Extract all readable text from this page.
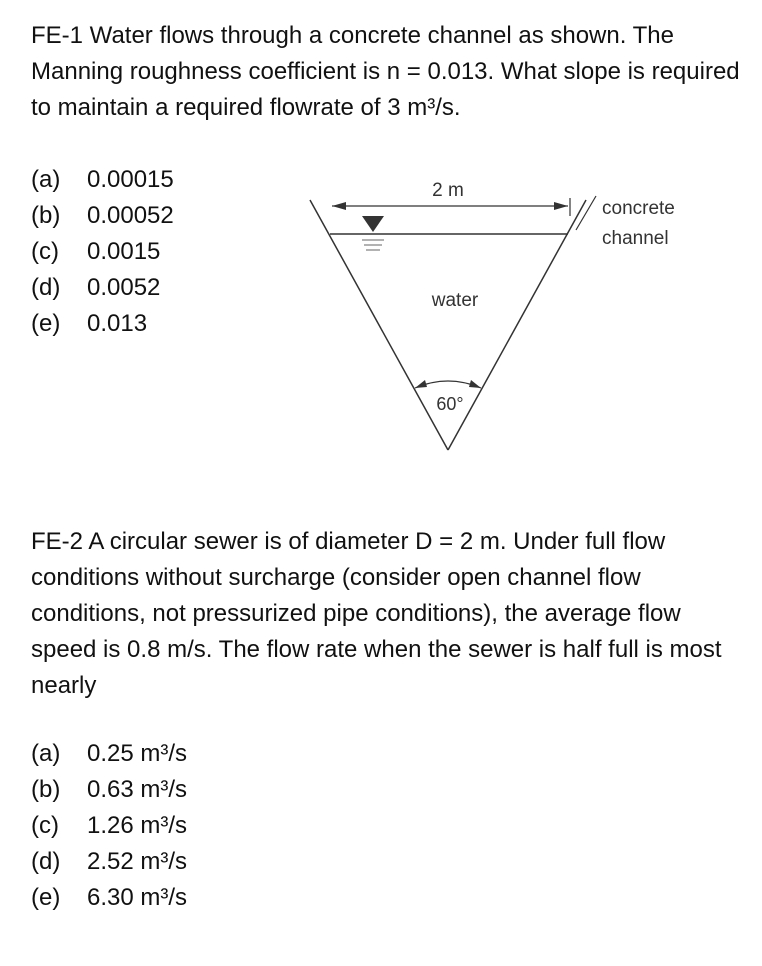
FE-1 Water flows through a concrete channel as shown. The Manning roughness coefficient is n = 0.013. What slope is required to maintain a required flowrate of 3 m³/s.

(a) 0.00015
(b) 0.00052
(c) 0.0015
(d) 0.0052
(e) 0.013
2 m
concrete
channel
water
60°

FE-2 A circular sewer is of diameter D = 2 m. Under full flow conditions without surcharge (consider open channel flow conditions, not pressurized pipe conditions), the average flow speed is 0.8 m/s. The flow rate when the sewer is half full is most nearly

(a) 0.25 m³/s
(b) 0.63 m³/s
(c) 1.26 m³/s
(d) 2.52 m³/s
(e) 6.30 m³/s
